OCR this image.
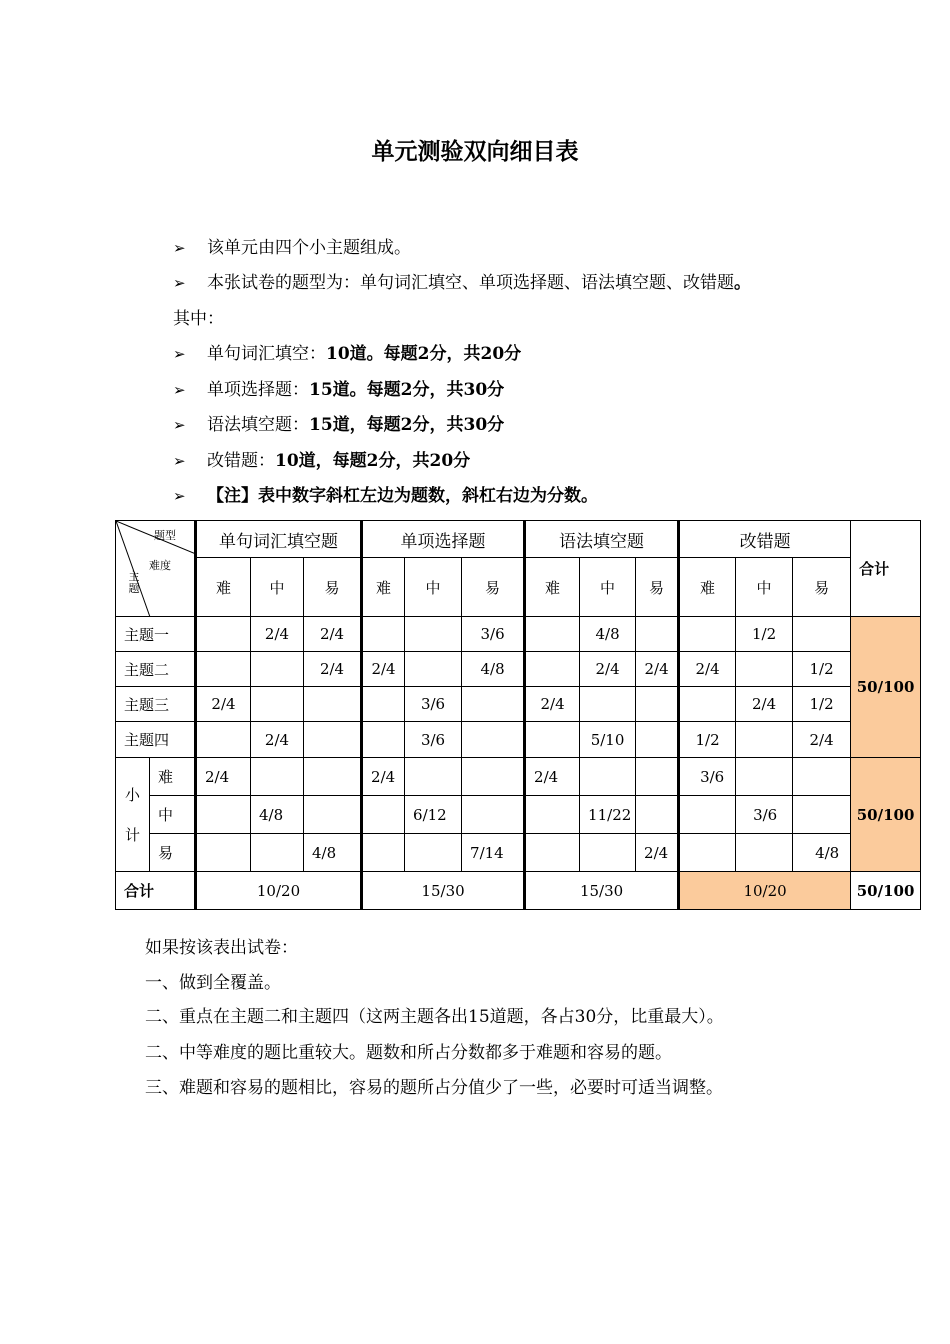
单元测验双向细目表
➢ 该单元由四个小主题组成。
➢ 本张试卷的题型为：单句词汇填空、单项选择题、语法填空题、改错题。
其中：
➢ 单句词汇填空：10道。每题2分，共20分
➢ 单项选择题：15道。每题2分，共30分
➢ 语法填空题：15道，每题2分，共30分
➢ 改错题：10道，每题2分，共20分
➢ 【注】表中数字斜杠左边为题数，斜杠右边为分数。
题型
难度
主
题		单句词汇填空题			单项选择题			语法填空题			改错题			合计
		难	中	易	难	中	易	难	中	易	难	中	易	
主题一			2/4	2/4			3/6		4/8			1/2		50/100
主题二				2/4	2/4		4/8		2/4	2/4	2/4		1/2	
主题三		2/4				3/6		2/4				2/4	1/2	
主题四			2/4			3/6			5/10		1/2		2/4	
小
计	难	2/4			2/4			2/4			3/6			50/100
	中		4/8			6/12			11/22			3/6		
	易			4/8			7/14			2/4			4/8	
合计		10/20			15/30			15/30			10/20			50/100
如果按该表出试卷：
一、做到全覆盖。
二、重点在主题二和主题四（这两主题各出15道题，各占30分，比重最大）。
二、中等难度的题比重较大。题数和所占分数都多于难题和容易的题。
三、难题和容易的题相比，容易的题所占分值少了一些，必要时可适当调整。
